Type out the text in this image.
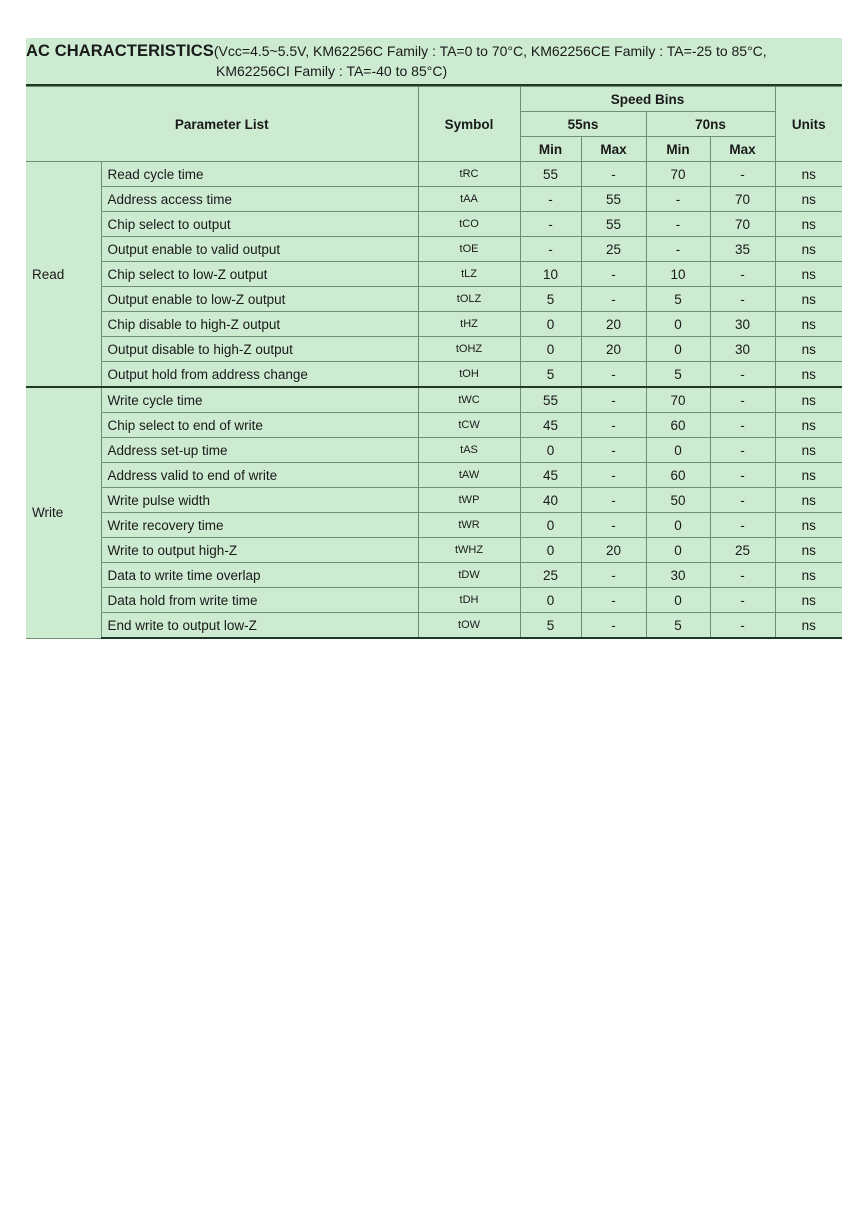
AC CHARACTERISTICS(Vcc=4.5~5.5V, KM62256C Family : TA=0 to 70°C, KM62256CE Family : TA=-25 to 85°C,
KM62256CI Family : TA=-40 to 85°C)
Parameter List		Symbol	Speed Bins				Units
			55ns		70ns		
			Min	Max	Min	Max	
Read	Read cycle time	tRC	55	-	70	-	ns
	Address access time	tAA	-	55	-	70	ns
	Chip select to output	tCO	-	55	-	70	ns
	Output enable to valid output	tOE	-	25	-	35	ns
	Chip select to low-Z output	tLZ	10	-	10	-	ns
	Output enable to low-Z output	tOLZ	5	-	5	-	ns
	Chip disable to high-Z output	tHZ	0	20	0	30	ns
	Output disable to high-Z output	tOHZ	0	20	0	30	ns
	Output hold from address change	tOH	5	-	5	-	ns
Write	Write cycle time	tWC	55	-	70	-	ns
	Chip select to end of write	tCW	45	-	60	-	ns
	Address set-up time	tAS	0	-	0	-	ns
	Address valid to end of write	tAW	45	-	60	-	ns
	Write pulse width	tWP	40	-	50	-	ns
	Write recovery time	tWR	0	-	0	-	ns
	Write to output high-Z	tWHZ	0	20	0	25	ns
	Data to write time overlap	tDW	25	-	30	-	ns
	Data hold from write time	tDH	0	-	0	-	ns
	End write to output low-Z	tOW	5	-	5	-	ns
